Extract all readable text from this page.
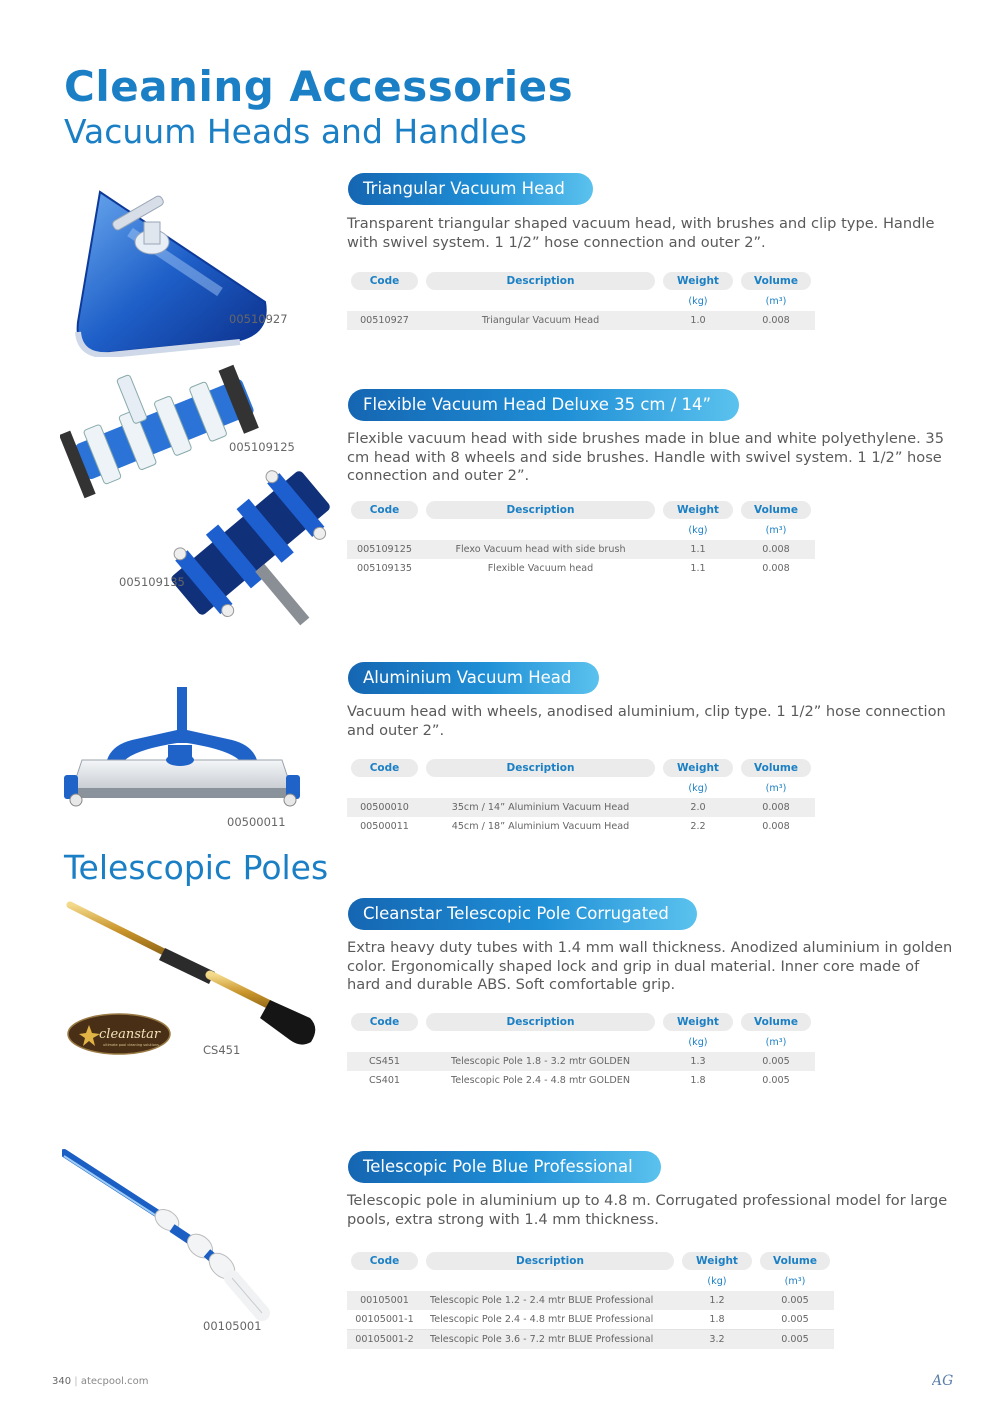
Cleaning Accessories
Vacuum Heads and Handles
00510927
Triangular Vacuum Head
Transparent triangular shaped vacuum head, with brushes and clip type. Handle with swivel system. 1 1/2” hose connection and outer 2”.
Code	Description	Weight	Volume

		(kg)	(m³)
00510927	Triangular Vacuum Head	1.0	0.008
005109125
005109135
Flexible Vacuum Head Deluxe 35 cm / 14”
Flexible vacuum head with side brushes made in blue and white polyethylene. 35 cm head with 8 wheels and side brushes. Handle with swivel system. 1 1/2” hose connection and outer 2”.
Code	Description	Weight	Volume

		(kg)	(m³)
005109125	Flexo Vacuum head with side brush	1.1	0.008
005109135	Flexible Vacuum head	1.1	0.008
00500011
Aluminium Vacuum Head
Vacuum head with wheels, anodised aluminium, clip type. 1 1/2” hose connection and outer 2”.
Code	Description	Weight	Volume

		(kg)	(m³)
00500010	35cm / 14” Aluminium Vacuum Head	2.0	0.008
00500011	45cm / 18” Aluminium Vacuum Head	2.2	0.008
Telescopic Poles
cleanstar
ultimate pool cleaning solutions	CS451
Cleanstar Telescopic Pole Corrugated
Extra heavy duty tubes with 1.4 mm wall thickness. Anodized aluminium in golden color. Ergonomically shaped lock and grip in dual material. Inner core made of hard and durable ABS. Soft comfortable grip.
Code	Description	Weight	Volume

		(kg)	(m³)
CS451	Telescopic Pole 1.8 - 3.2 mtr GOLDEN	1.3	0.005
CS401	Telescopic Pole 2.4 - 4.8 mtr GOLDEN	1.8	0.005
00105001
Telescopic Pole Blue Professional
Telescopic pole in aluminium up to 4.8 m. Corrugated professional model for large pools, extra strong with 1.4 mm thickness.
Code	Description	Weight	Volume

		(kg)	(m³)
00105001	Telescopic Pole 1.2 - 2.4 mtr BLUE Professional	1.2	0.005
00105001-1	Telescopic Pole 2.4 - 4.8 mtr BLUE Professional	1.8	0.005
00105001-2	Telescopic Pole 3.6 - 7.2 mtr BLUE Professional	3.2	0.005
340 | atecpool.com	AG
